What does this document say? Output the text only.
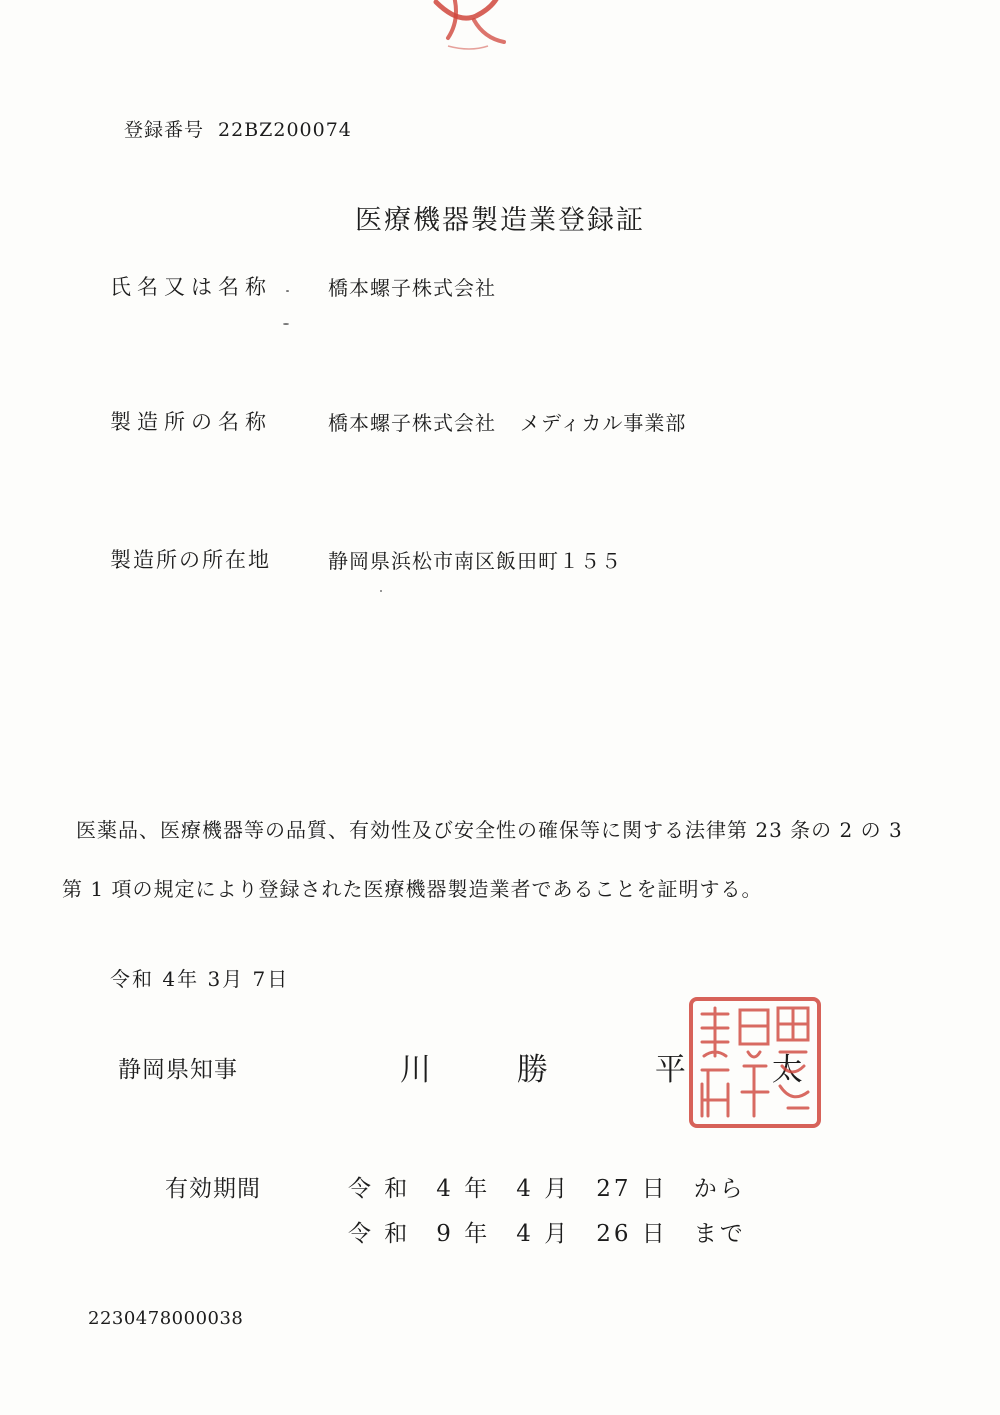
登録番号 22BZ200074
医療機器製造業登録証
氏名又は名称	橋本螺子株式会社
製造所の名称	橋本螺子株式会社 メディカル事業部
製造所の所在地	静岡県浜松市南区飯田町１５５
医薬品、医療機器等の品質、有効性及び安全性の確保等に関する法律第 23 条の 2 の 3
第 1 項の規定により登録された医療機器製造業者であることを証明する。
令和 4年 3月 7日
静岡県知事	川 勝　平 太
有効期間	令 和　4 年　4 月　27 日　から
令 和　9 年　4 月　26 日　まで
2230478000038
